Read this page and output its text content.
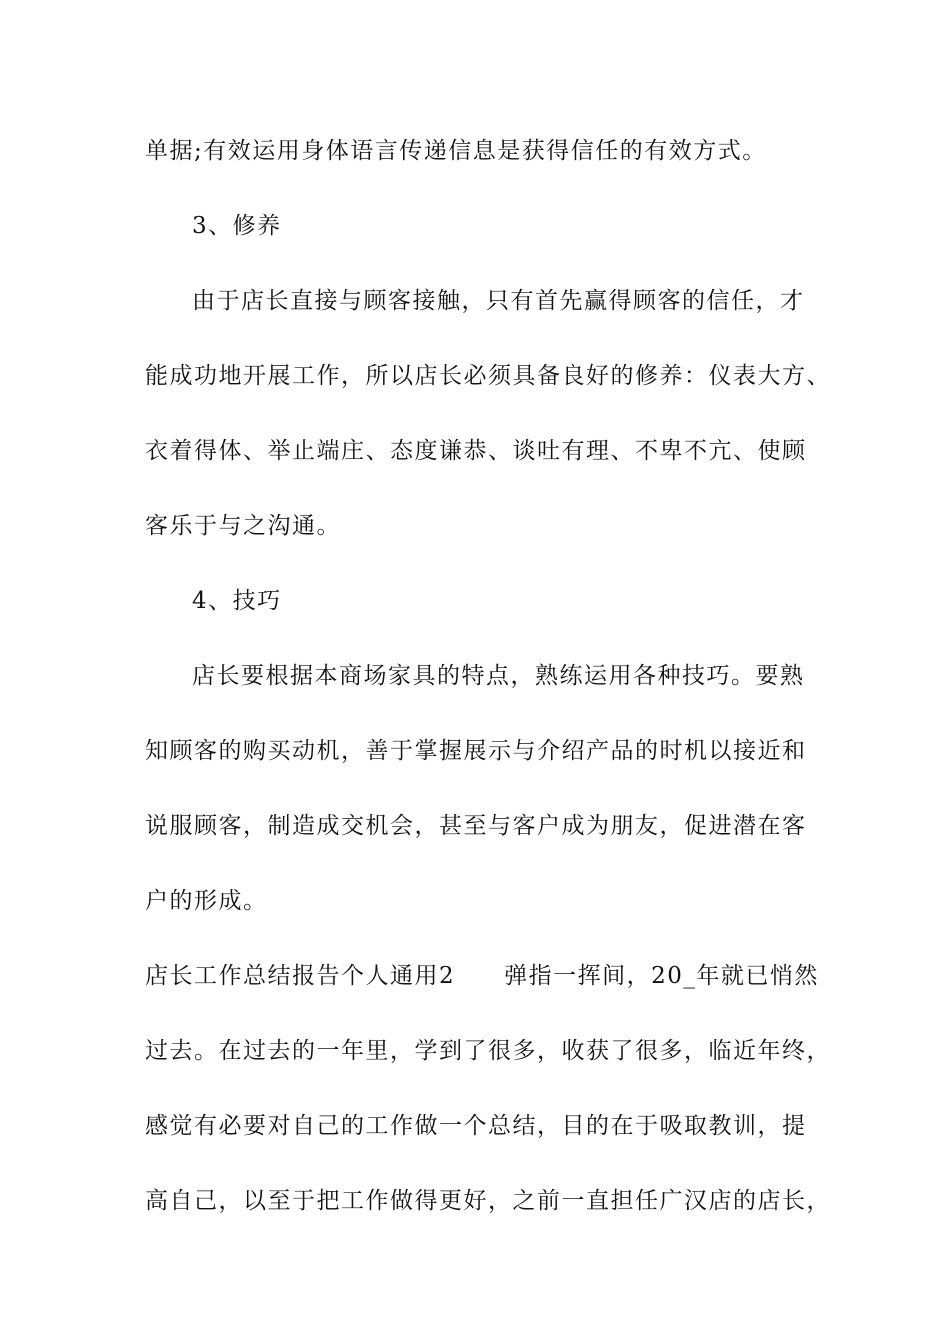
单据;有效运用身体语言传递信息是获得信任的有效方式。
3、修养
由于店长直接与顾客接触，只有首先赢得顾客的信任，才
能成功地开展工作，所以店长必须具备良好的修养：仪表大方、
衣着得体、举止端庄、态度谦恭、谈吐有理、不卑不亢、使顾
客乐于与之沟通。
4、技巧
店长要根据本商场家具的特点，熟练运用各种技巧。要熟
知顾客的购买动机，善于掌握展示与介绍产品的时机以接近和
说服顾客，制造成交机会，甚至与客户成为朋友，促进潜在客
户的形成。
店长工作总结报告个人通用2　　弹指一挥间，20_年就已悄然
过去。在过去的一年里，学到了很多，收获了很多，临近年终，
感觉有必要对自己的工作做一个总结，目的在于吸取教训，提
高自己，以至于把工作做得更好，之前一直担任广汉店的店长，
